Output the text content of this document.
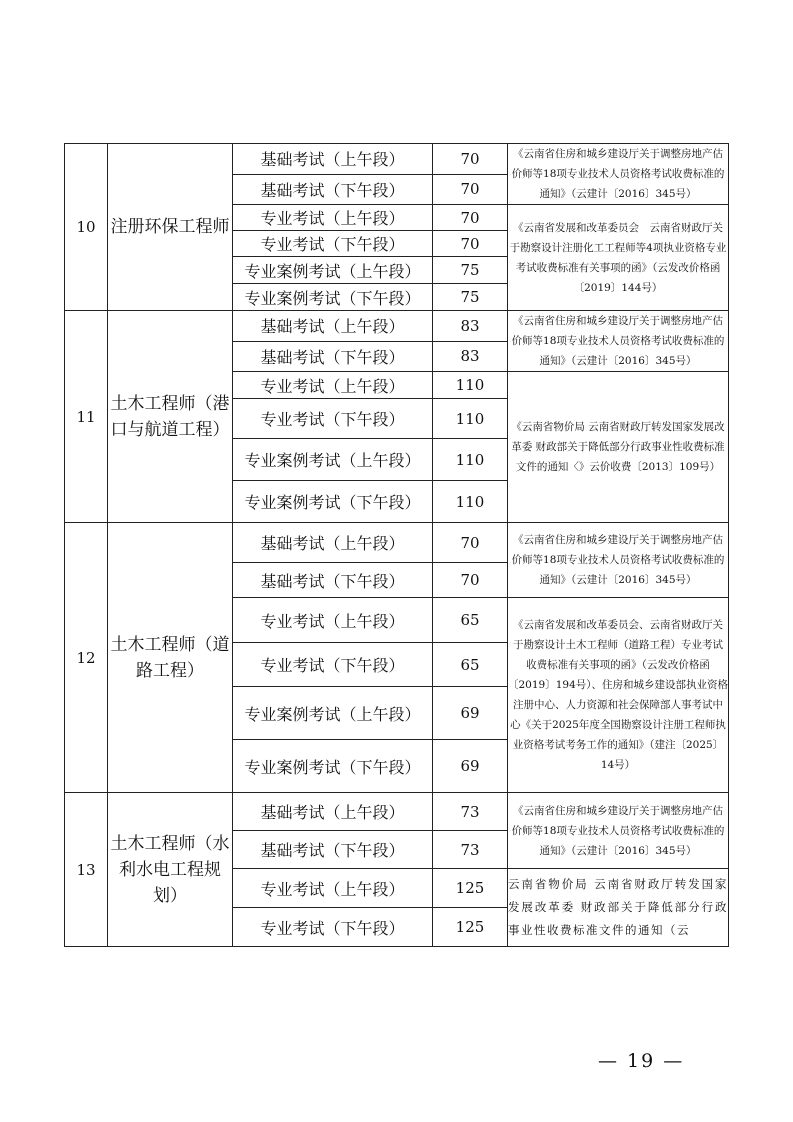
10	注册环保工程师	基础考试（上午段）	70	《云南省住房和城乡建设厅关于调整房地产估价师等18项专业技术人员资格考试收费标准的通知》（云建计〔2016〕345号）
		基础考试（下午段）	70	
		专业考试（上午段）	70	《云南省发展和改革委员会　云南省财政厅关于勘察设计注册化工工程师等4项执业资格专业考试收费标准有关事项的函》（云发改价格函〔2019〕144号）
		专业考试（下午段）	70	
		专业案例考试（上午段）	75	
		专业案例考试（下午段）	75	
11	土木工程师（港口与航道工程）	基础考试（上午段）	83	《云南省住房和城乡建设厅关于调整房地产估价师等18项专业技术人员资格考试收费标准的通知》（云建计〔2016〕345号）
		基础考试（下午段）	83	
		专业考试（上午段）	110	《云南省物价局 云南省财政厅转发国家发展改革委 财政部关于降低部分行政事业性收费标准文件的通知〈》云价收费〔2013〕109号）
		专业考试（下午段）	110	
		专业案例考试（上午段）	110	
		专业案例考试（下午段）	110	
12	土木工程师（道路工程）	基础考试（上午段）	70	《云南省住房和城乡建设厅关于调整房地产估价师等18项专业技术人员资格考试收费标准的通知》（云建计〔2016〕345号）
		基础考试（下午段）	70	
		专业考试（上午段）	65	《云南省发展和改革委员会、云南省财政厅关于勘察设计土木工程师（道路工程）专业考试收费标准有关事项的函》（云发改价格函〔2019〕194号）、住房和城乡建设部执业资格注册中心、人力资源和社会保障部人事考试中心《关于2025年度全国勘察设计注册工程师执业资格考试考务工作的通知》（建注〔2025〕14号）
		专业考试（下午段）	65	
		专业案例考试（上午段）	69	
		专业案例考试（下午段）	69	
13	土木工程师（水利水电工程规划）	基础考试（上午段）	73	《云南省住房和城乡建设厅关于调整房地产估价师等18项专业技术人员资格考试收费标准的通知》（云建计〔2016〕345号）
		基础考试（下午段）	73	
		专业考试（上午段）	125	云南省物价局 云南省财政厅转发国家发展改革委 财政部关于降低部分行政事业性收费标准文件的通知（云
		专业考试（下午段）	125	
— 19 —
